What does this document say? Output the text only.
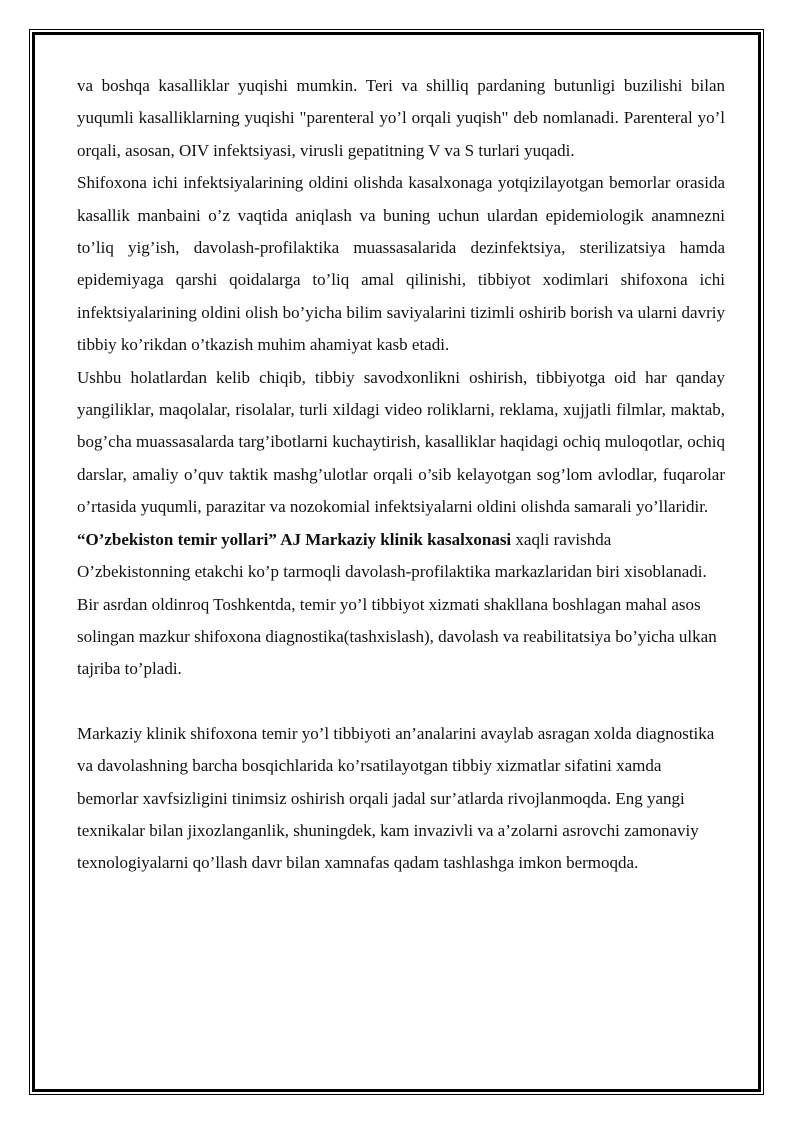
va boshqa kasalliklar yuqishi mumkin. Teri va shilliq pardaning butunligi buzilishi bilan yuqumli kasalliklarning yuqishi "parenteral yo’l orqali yuqish" deb nomlanadi. Parenteral yo’l orqali, asosan, OIV infektsiyasi, virusli gepatitning V va S turlari yuqadi.

Shifoxona ichi infektsiyalarining oldini olishda kasalxonaga yotqizilayotgan bemorlar orasida kasallik manbaini o’z vaqtida aniqlash va buning uchun ulardan epidemiologik anamnezni to’liq yig’ish, davolash-profilaktika muassasalarida dezinfektsiya, sterilizatsiya hamda epidemiyaga qarshi qoidalarga to’liq amal qilinishi, tibbiyot xodimlari shifoxona ichi infektsiyalarining oldini olish bo’yicha bilim saviyalarini tizimli oshirib borish va ularni davriy tibbiy ko’rikdan o’tkazish muhim ahamiyat kasb etadi.

Ushbu holatlardan kelib chiqib, tibbiy savodxonlikni oshirish, tibbiyotga oid har qanday yangiliklar, maqolalar, risolalar, turli xildagi video roliklarni, reklama, xujjatli filmlar, maktab, bog’cha muassasalarda targ’ibotlarni kuchaytirish, kasalliklar haqidagi ochiq muloqotlar, ochiq darslar, amaliy o’quv taktik mashg’ulotlar orqali o’sib kelayotgan sog’lom avlodlar, fuqarolar o’rtasida yuqumli, parazitar va nozokomial infektsiyalarni oldini olishda samarali yo’llaridir.

“O’zbekiston temir yollari” AJ Markaziy klinik kasalxonasi xaqli ravishda O’zbekistonning etakchi ko’p tarmoqli davolash-profilaktika markazlaridan biri xisoblanadi. Bir asrdan oldinroq Toshkentda, temir yo’l tibbiyot xizmati shakllana boshlagan mahal asos solingan mazkur shifoxona diagnostika(tashxislash), davolash va reabilitatsiya bo’yicha ulkan tajriba to’pladi.

Markaziy klinik shifoxona temir yo’l tibbiyoti an’analarini avaylab asragan xolda diagnostika va davolashning barcha bosqichlarida ko’rsatilayotgan tibbiy xizmatlar sifatini xamda bemorlar xavfsizligini tinimsiz oshirish orqali jadal sur’atlarda rivojlanmoqda. Eng yangi texnikalar bilan jixozlanganlik, shuningdek, kam invazivli va a’zolarni asrovchi zamonaviy texnologiyalarni qo’llash davr bilan xamnafas qadam tashlashga imkon bermoqda.
